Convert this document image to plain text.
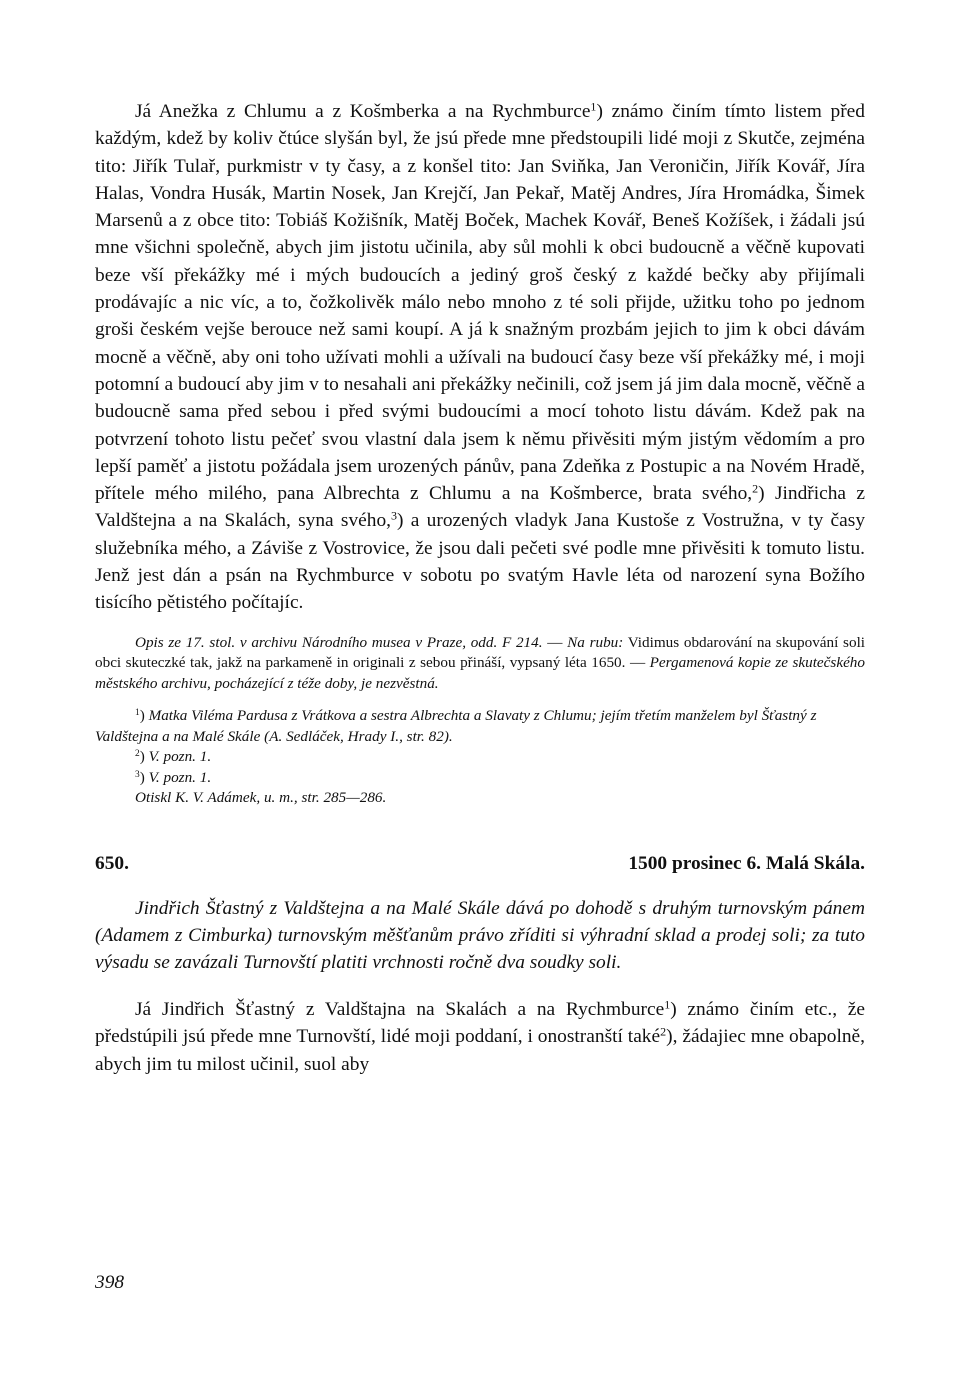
Já Anežka z Chlumu a z Košmberka a na Rychmburce$^1$) známo činím tímto listem před každým, kdež by koliv čtúce slyšán byl, že jsú přede mne předstoupili lidé moji z Skutče, zejména tito: Jiřík Tulař, purkmistr v ty časy, a z konšel tito: Jan Sviňka, Jan Veroničin, Jiřík Kovář, Jíra Halas, Vondra Husák, Martin Nosek, Jan Krejčí, Jan Pekař, Matěj Andres, Jíra Hromádka, Šimek Marsenů a z obce tito: Tobiáš Kožišník, Matěj Boček, Machek Kovář, Beneš Kožíšek, i žádali jsú mne všichni společně, abych jim jistotu učinila, aby sůl mohli k obci budoucně a věčně kupovati beze vší překážky mé i mých budoucích a jediný groš český z každé bečky aby přijímali prodávajíc a nic víc, a to, čožkolivěk málo nebo mnoho z té soli přijde, užitku toho po jednom groši českém vejše berouce než sami koupí. A já k snažným prozbám jejich to jim k obci dávám mocně a věčně, aby oni toho užívati mohli a užívali na budoucí časy beze vší překážky mé, i moji potomní a budoucí aby jim v to nesahali ani překážky nečinili, což jsem já jim dala mocně, věčně a budoucně sama před sebou i před svými budoucími a mocí tohoto listu dávám. Kdež pak na potvrzení tohoto listu pečeť svou vlastní dala jsem k němu přivěsiti mým jistým vědomím a pro lepší paměť a jistotu požádala jsem urozených pánův, pana Zdeňka z Postupic a na Novém Hradě, přítele mého milého, pana Albrechta z Chlumu a na Košmberce, brata svého,$^2$) Jindřicha z Valdštejna a na Skalách, syna svého,$^3$) a urozených vladyk Jana Kustoše z Vostružna, v ty časy služebníka mého, a Záviše z Vostrovice, že jsou dali pečeti své podle mne přivěsiti k tomuto listu. Jenž jest dán a psán na Rychmburce v sobotu po svatým Havle léta od narození syna Božího tisícího pětistého počítajíc.

Opis ze 17. stol. v archivu Národního musea v Praze, odd. F 214. — Na rubu: Vidimus obdarování na skupování soli obci skuteczké tak, jakž na parkameně in originali z sebou přináší, vypsaný léta 1650. — Pergamenová kopie ze skutečského městského archivu, pocházející z téže doby, je nezvěstná.

$^1$) Matka Viléma Pardusa z Vrátkova a sestra Albrechta a Slavaty z Chlumu; jejím třetím manželem byl Šťastný z Valdštejna a na Malé Skále (A. Sedláček, Hrady I., str. 82).

$^2$) V. pozn. 1.

$^3$) V. pozn. 1.

Otiskl K. V. Adámek, u. m., str. 285—286.

650.	1500 prosinec 6. Malá Skála.

Jindřich Šťastný z Valdštejna a na Malé Skále dává po dohodě s druhým turnovským pánem (Adamem z Cimburka) turnovským měšťanům právo zříditi si výhradní sklad a prodej soli; za tuto výsadu se zavázali Turnovští platiti vrchnosti ročně dva soudky soli.

Já Jindřich Šťastný z Valdštajna na Skalách a na Rychmburce$^1$) známo činím etc., že předstúpili jsú přede mne Turnovští, lidé moji poddaní, i onostranští také$^2$), žádajiec mne obapolně, abych jim tu milost učinil, suol aby

398
